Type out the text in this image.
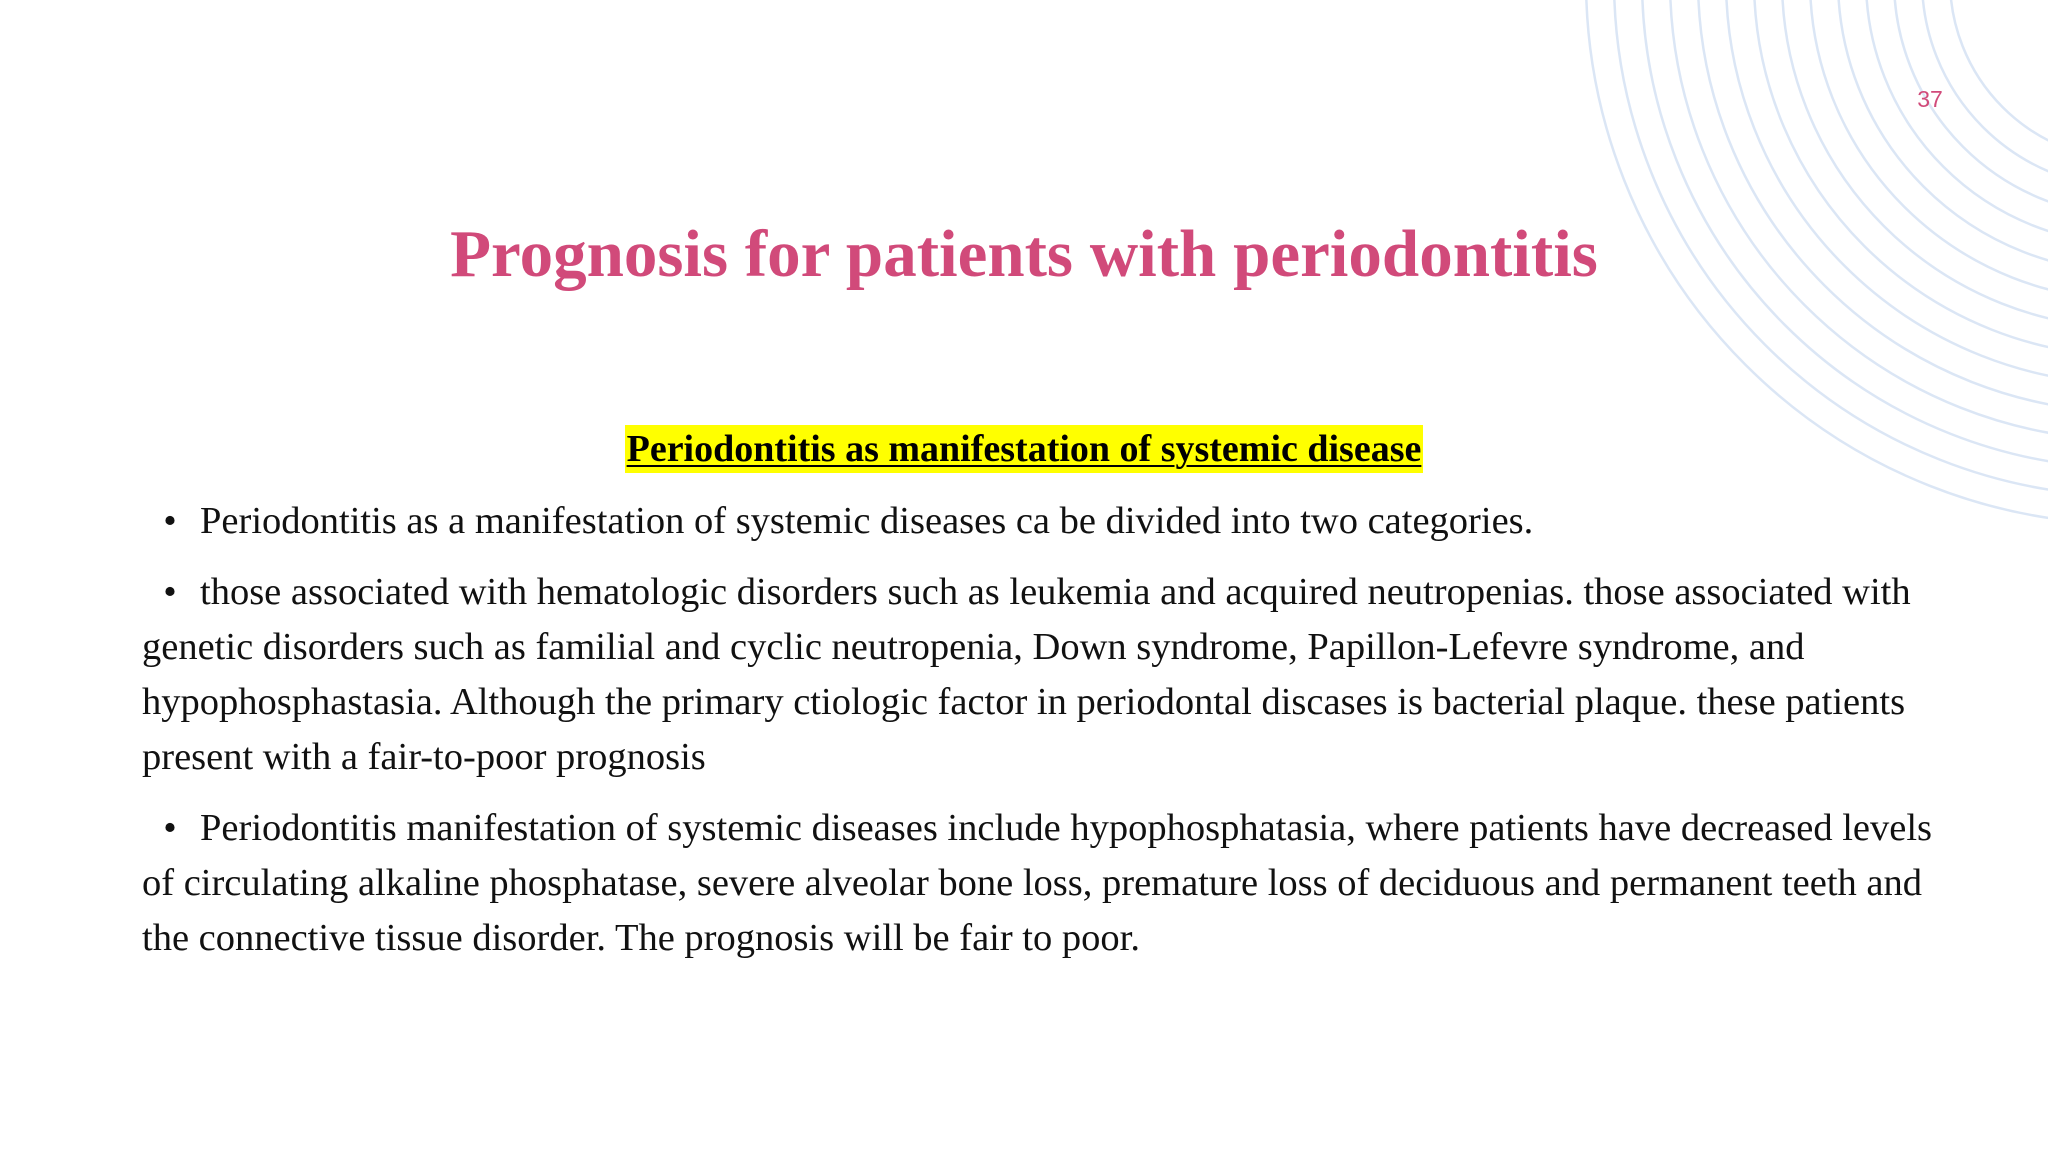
37
Prognosis for patients with periodontitis
Periodontitis as manifestation of systemic disease

• Periodontitis as a manifestation of systemic diseases ca be divided into two categories.

• those associated with hematologic disorders such as leukemia and acquired neutropenias. those associated with genetic disorders such as familial and cyclic neutropenia, Down syndrome, Papillon-Lefevre syndrome, and hypophosphastasia. Although the primary ctiologic factor in periodontal discases is bacterial plaque. these patients present with a fair-to-poor prognosis

• Periodontitis manifestation of systemic diseases include hypophosphatasia, where patients have decreased levels of circulating alkaline phosphatase, severe alveolar bone loss, premature loss of deciduous and permanent teeth and the connective tissue disorder. The prognosis will be fair to poor.
